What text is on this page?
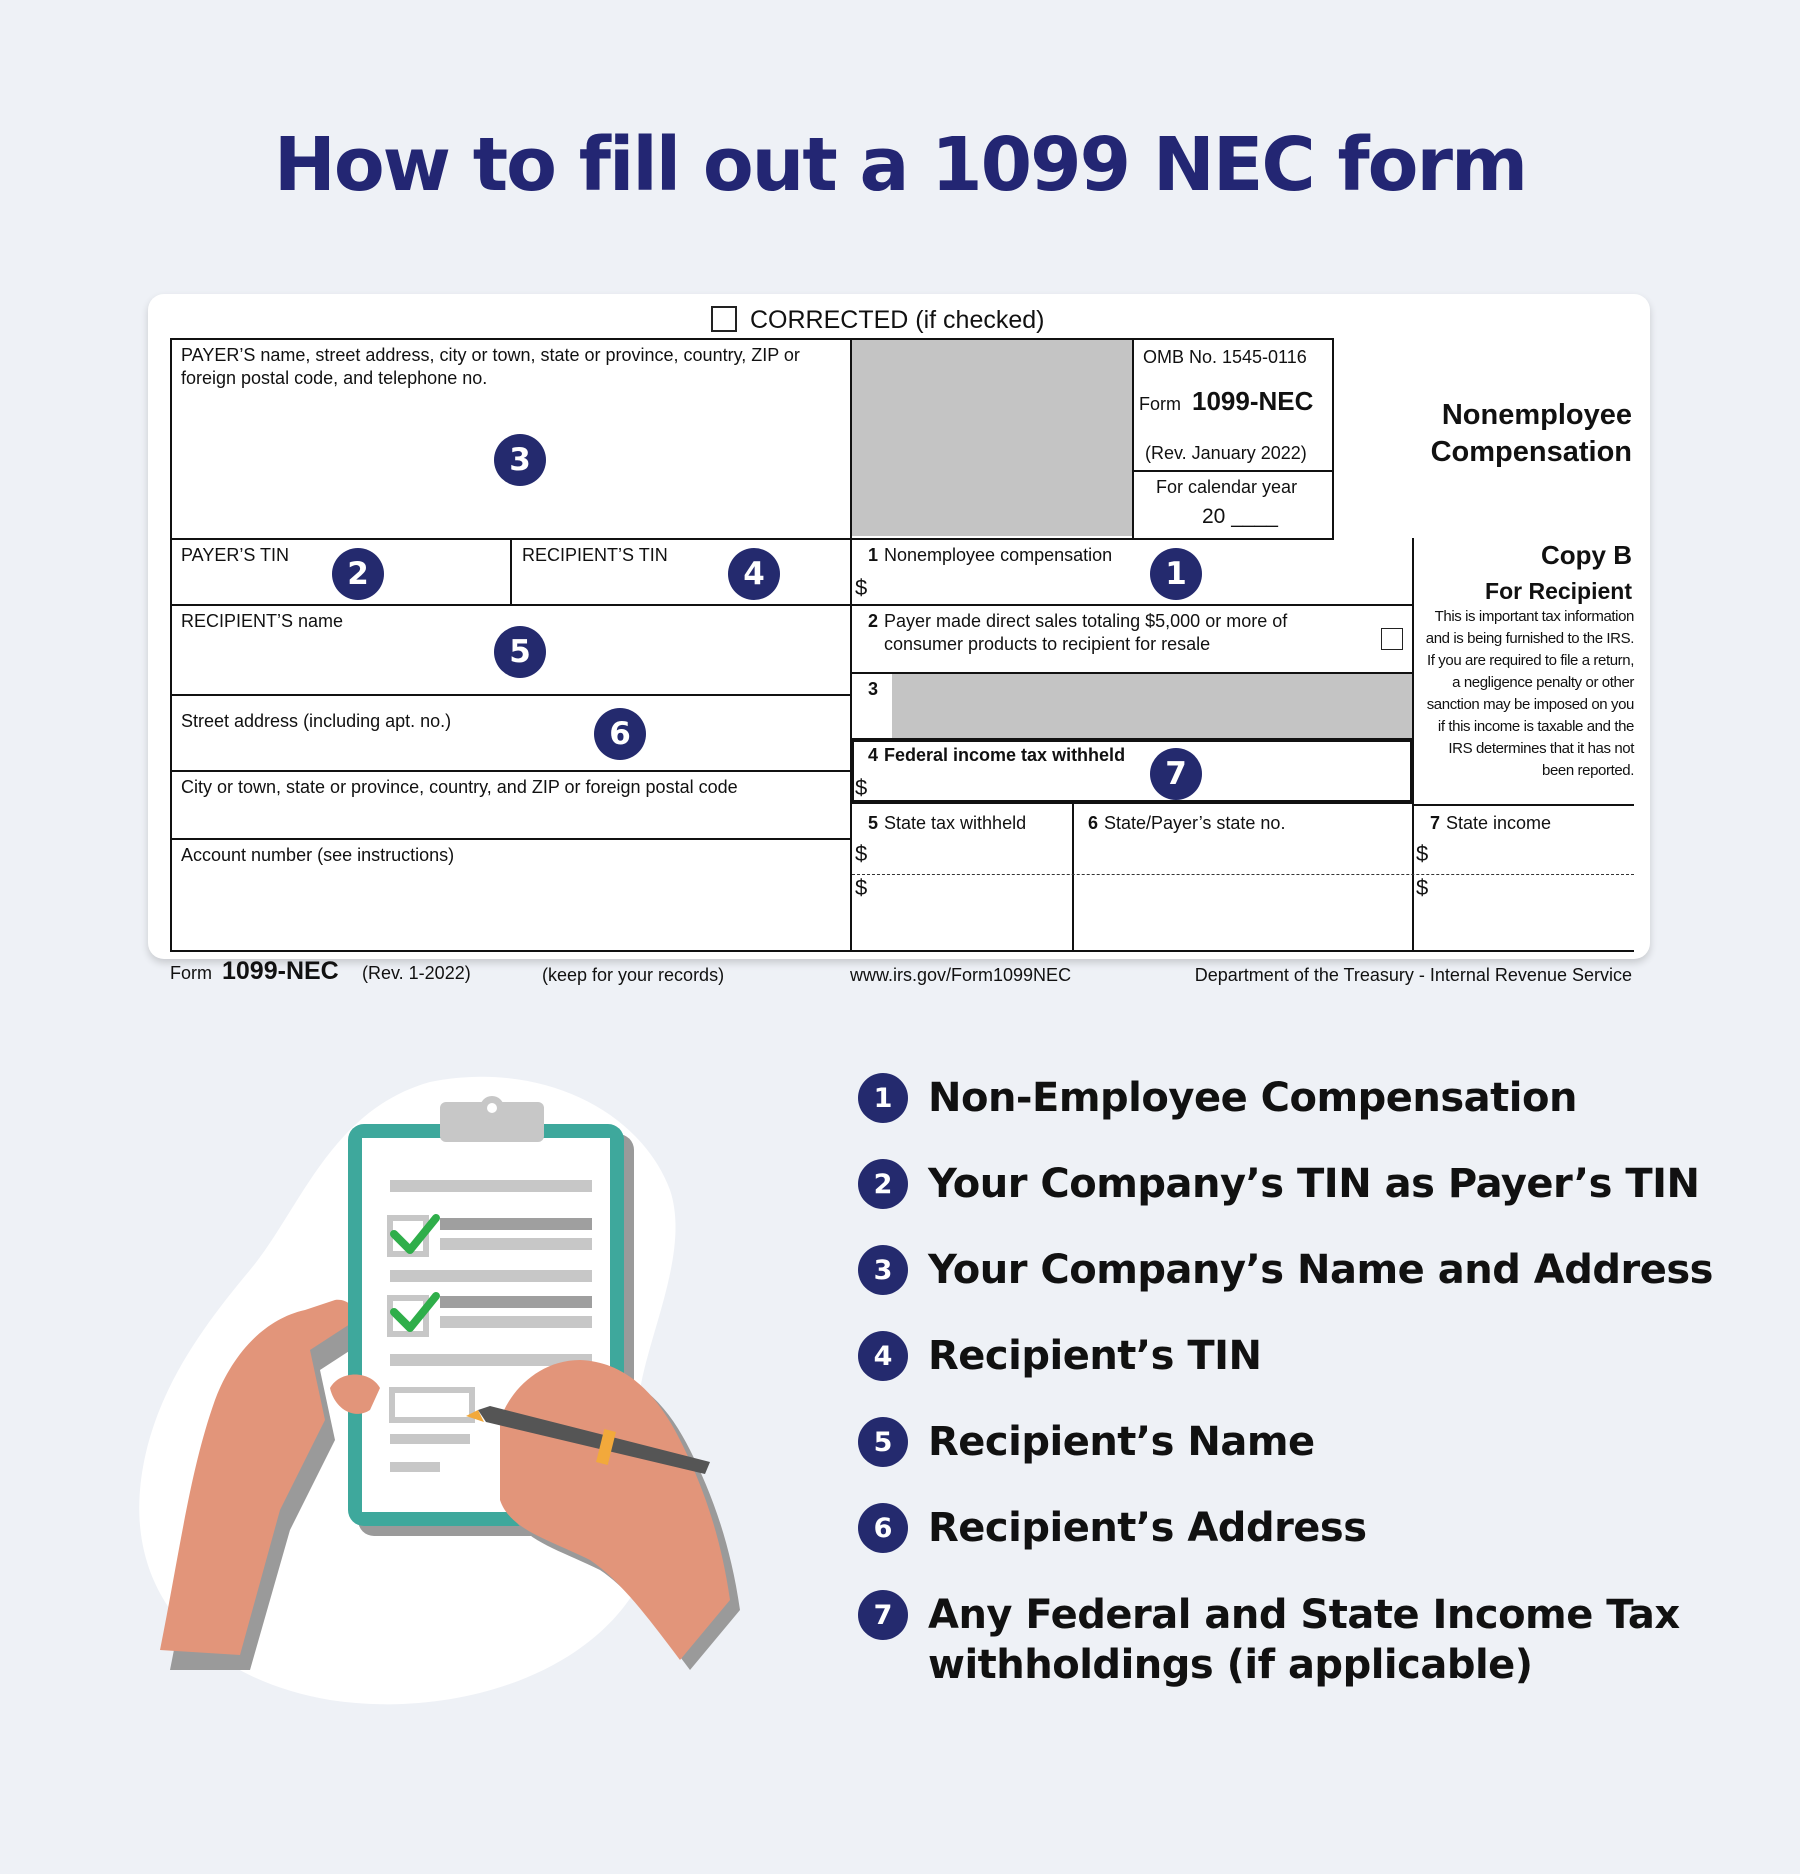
How to fill out a 1099 NEC form
CORRECTED (if checked)
PAYER’S name, street address, city or town, state or province, country, ZIP or foreign postal code, and telephone no.
OMB No. 1545-0116
Form 1099-NEC
(Rev. January 2022)
For calendar year
20 ____
Nonemployee
Compensation
PAYER’S TIN	RECIPIENT’S TIN	1 Nonemployee compensation
$
Copy B
For Recipient
This is important tax information and is being furnished to the IRS. If you are required to file a return, a negligence penalty or other sanction may be imposed on you if this income is taxable and the IRS determines that it has not been reported.
RECIPIENT’S name	2 Payer made direct sales totaling $5,000 or more of consumer products to recipient for resale
3
Street address (including apt. no.)
4 Federal income tax withheld
$
City or town, state or province, country, and ZIP or foreign postal code
5 State tax withheld	6 State/Payer’s state no.	7 State income
$
$
$
$
Account number (see instructions)
Form 1099-NEC (Rev. 1-2022)	(keep for your records)	www.irs.gov/Form1099NEC	Department of the Treasury - Internal Revenue Service
1
2
3
4
5
6
7
1 Non-Employee Compensation
2 Your Company’s TIN as Payer’s TIN
3 Your Company’s Name and Address
4 Recipient’s TIN
5 Recipient’s Name
6 Recipient’s Address
7 Any Federal and State Income Tax
withholdings (if applicable)
